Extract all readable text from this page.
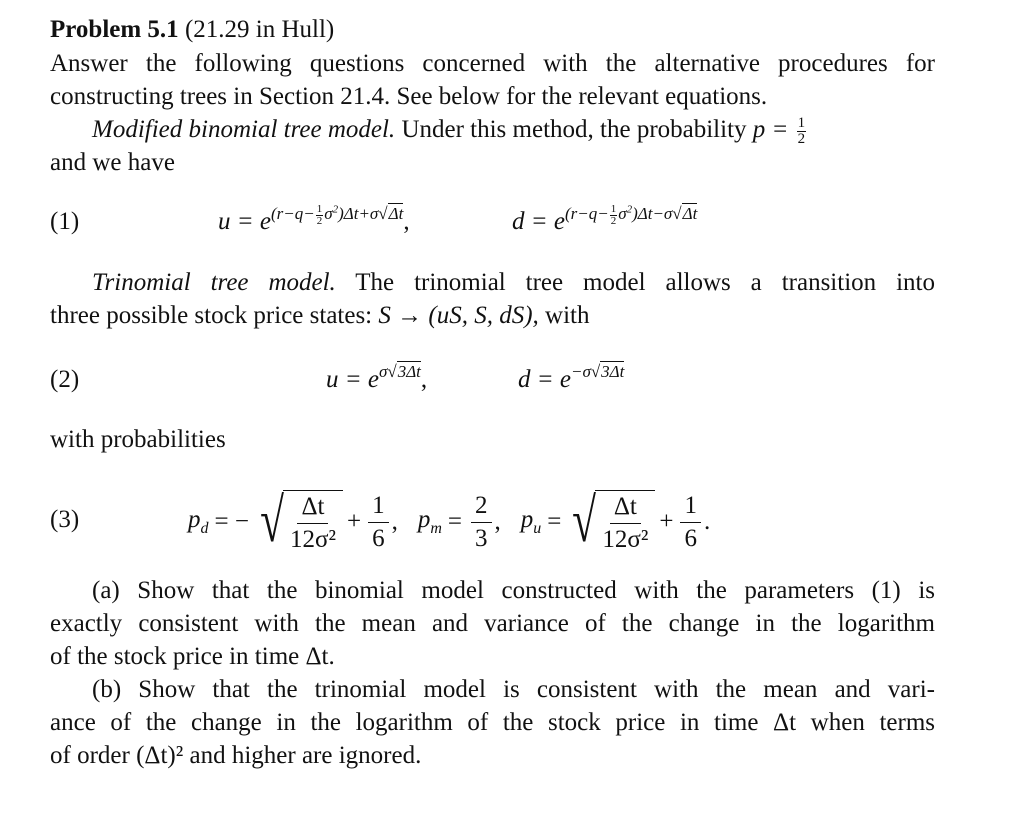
Problem 5.1 (21.29 in Hull)
Answer the following questions concerned with the alternative procedures for
constructing trees in Section 21.4. See below for the relevant equations.
Modified binomial tree model. Under this method, the probability $p = \frac{1}{2}$
and we have
(1)	$u = e^{(r-q- \frac{1}{2} \sigma^2)\Delta t+\sigma√\Delta t}$,	$d = e^{(r-q- \frac{1}{2} \sigma^2)\Delta t-\sigma√\Delta t}$
Trinomial tree model. The trinomial tree model allows a transition into
three possible stock price states: S → (uS, S, dS), with
(2)	$u = e^{\sigma√3\Delta t}$,	$d = e^{-\sigma√3\Delta t}$
with probabilities
(3)	$p_d$ = − √ $\frac{\Delta t}{\text{12σ²}} + \frac{1}{6}$ , $p_m = \frac{2}{3}$ , $p_u$ = √ $\frac{\Delta t}{\text{12σ²}} + \frac{1}{6}$ .
(a) Show that the binomial model constructed with the parameters (1) is
exactly consistent with the mean and variance of the change in the logarithm
of the stock price in time Δt.
(b) Show that the trinomial model is consistent with the mean and vari-
ance of the change in the logarithm of the stock price in time Δt when terms
of order (Δt)² and higher are ignored.
